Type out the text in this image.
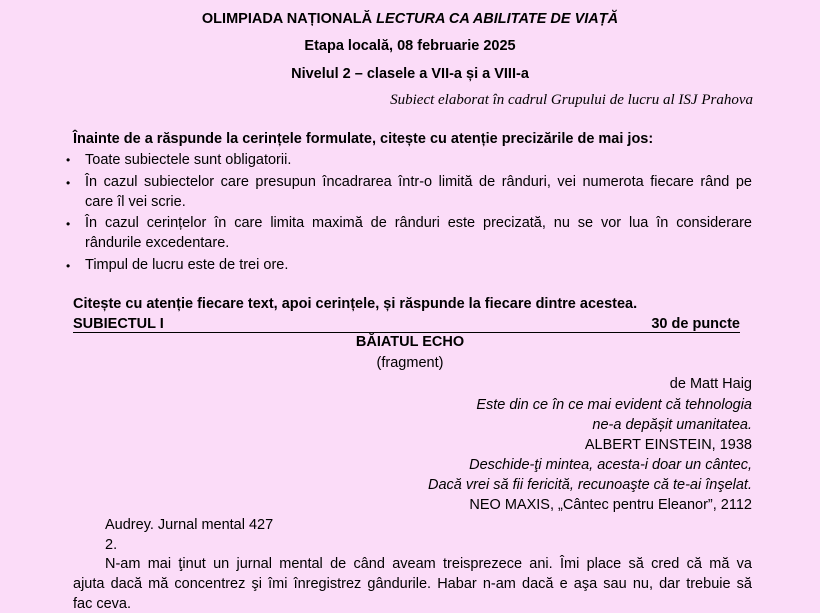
OLIMPIADA NAȚIONALĂ LECTURA CA ABILITATE DE VIAȚĂ
Etapa locală, 08 februarie 2025
Nivelul 2 – clasele a VII-a și a VIII-a
Subiect elaborat în cadrul Grupului de lucru al ISJ Prahova
Înainte de a răspunde la cerințele formulate, citește cu atenție precizările de mai jos:
• Toate subiectele sunt obligatorii.
• În cazul subiectelor care presupun încadrarea într-o limită de rânduri, vei numerota fiecare rând pe
care îl vei scrie.
• În cazul cerințelor în care limita maximă de rânduri este precizată, nu se vor lua în considerare
rândurile excedentare.
• Timpul de lucru este de trei ore.
Citește cu atenție fiecare text, apoi cerințele, și răspunde la fiecare dintre acestea.
SUBIECTUL I	30 de puncte
BĂIATUL ECHO
(fragment)
de Matt Haig
Este din ce în ce mai evident că tehnologia
ne-a depășit umanitatea.
ALBERT EINSTEIN, 1938
Deschide-ţi mintea, acesta-i doar un cântec,
Dacă vrei să fii fericită, recunoaşte că te-ai înşelat.
NEO MAXIS, „Cântec pentru Eleanor”, 2112
Audrey. Jurnal mental 427
2.
N-am mai ţinut un jurnal mental de când aveam treisprezece ani. Îmi place să cred că mă va
ajuta dacă mă concentrez şi îmi înregistrez gândurile. Habar n-am dacă e aşa sau nu, dar trebuie să
fac ceva.
